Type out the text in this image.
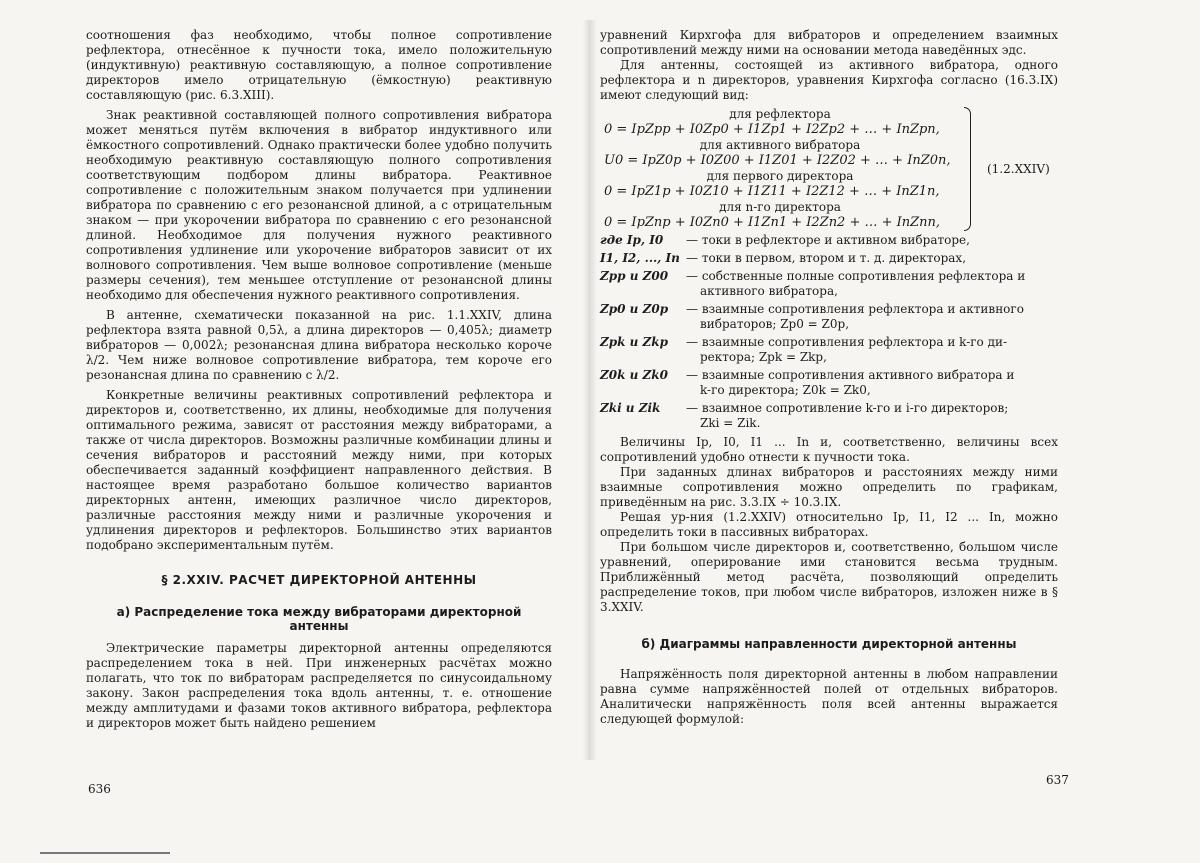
соотношения фаз необходимо, чтобы полное сопротивление рефлектора, отнесённое к пучности тока, имело положительную (индуктивную) реактивную составляющую, а полное сопротивление директоров имело отрицательную (ёмкостную) реактивную составляющую (рис. 6.3.XIII).

Знак реактивной составляющей полного сопротивления вибратора может меняться путём включения в вибратор индуктивного или ёмкостного сопротивлений. Однако практически более удобно получить необходимую реактивную составляющую полного сопротивления соответствующим подбором длины вибратора. Реактивное сопротивление с положительным знаком получается при удлинении вибратора по сравнению с его резонансной длиной, а с отрицательным знаком — при укорочении вибратора по сравнению с его резонансной длиной. Необходимое для получения нужного реактивного сопротивления удлинение или укорочение вибраторов зависит от их волнового сопротивления. Чем выше волновое сопротивление (меньше размеры сечения), тем меньшее отступление от резонансной длины необходимо для обеспечения нужного реактивного сопротивления.

В антенне, схематически показанной на рис. 1.1.XXIV, длина рефлектора взята равной 0,5λ, а длина директоров — 0,405λ; диаметр вибраторов — 0,002λ; резонансная длина вибратора несколько короче λ/2. Чем ниже волновое сопротивление вибратора, тем короче его резонансная длина по сравнению с λ/2.

Конкретные величины реактивных сопротивлений рефлектора и директоров и, соответственно, их длины, необходимые для получения оптимального режима, зависят от расстояния между вибраторами, а также от числа директоров. Возможны различные комбинации длины и сечения вибраторов и расстояний между ними, при которых обеспечивается заданный коэффициент направленного действия. В настоящее время разработано большое количество вариантов директорных антенн, имеющих различное число директоров, различные расстояния между ними и различные укорочения и удлинения директоров и рефлекторов. Большинство этих вариантов подобрано экспериментальным путём.

§ 2.XXIV. РАСЧЕТ ДИРЕКТОРНОЙ АНТЕННЫ
а) Распределение тока между вибраторами директорной антенны

Электрические параметры директорной антенны определяются распределением тока в ней. При инженерных расчётах можно полагать, что ток по вибраторам распределяется по синусоидальному закону. Закон распределения тока вдоль антенны, т. е. отношение между амплитудами и фазами токов активного вибратора, рефлектора и директоров может быть найдено решением

636

уравнений Кирхгофа для вибраторов и определением взаимных сопротивлений между ними на основании метода наведённых эдс.

Для антенны, состоящей из активного вибратора, одного рефлектора и n директоров, уравнения Кирхгофа согласно (16.3.IX) имеют следующий вид:

для рефлектора
0 = IpZpp + I0Zp0 + I1Zp1 + I2Zp2 + … + InZpn,
для активного вибратора
U0 = IpZ0p + I0Z00 + I1Z01 + I2Z02 + … + InZ0n,
для первого директора
0 = IpZ1p + I0Z10 + I1Z11 + I2Z12 + … + InZ1n,
для n-го директора
0 = IpZnp + I0Zn0 + I1Zn1 + I2Zn2 + … + InZnn,
(1.2.XXIV)
где Ip, I0	— токи в рефлекторе и активном вибраторе,
I1, I2, ..., In — токи в первом, втором и т. д. директорах,
Zpp и Z00	— собственные полные сопротивления рефлектора и
активного вибратора,
Zp0 и Z0p	— взаимные сопротивления рефлектора и активного
вибраторов; Zp0 = Z0p,
Zpk и Zkp	— взаимные сопротивления рефлектора и k-го ди-
ректора; Zpk = Zkp,
Z0k и Zk0	— взаимные сопротивления активного вибратора и
k-го директора; Z0k = Zk0,
Zki и Zik	— взаимное сопротивление k-го и i-го директоров;
Zki = Zik.

Величины Ip, I0, I1 ... In и, соответственно, величины всех сопротивлений удобно отнести к пучности тока.

При заданных длинах вибраторов и расстояниях между ними взаимные сопротивления можно определить по графикам, приведённым на рис. 3.3.IX ÷ 10.3.IX.

Решая ур-ния (1.2.XXIV) относительно Ip, I1, I2 ... In, можно определить токи в пассивных вибраторах.

При большом числе директоров и, соответственно, большом числе уравнений, оперирование ими становится весьма трудным. Приближённый метод расчёта, позволяющий определить распределение токов, при любом числе вибраторов, изложен ниже в § 3.XXIV.

б) Диаграммы направленности директорной антенны

Напряжённость поля директорной антенны в любом направлении равна сумме напряжённостей полей от отдельных вибраторов. Аналитически напряжённость поля всей антенны выражается следующей формулой:

637
